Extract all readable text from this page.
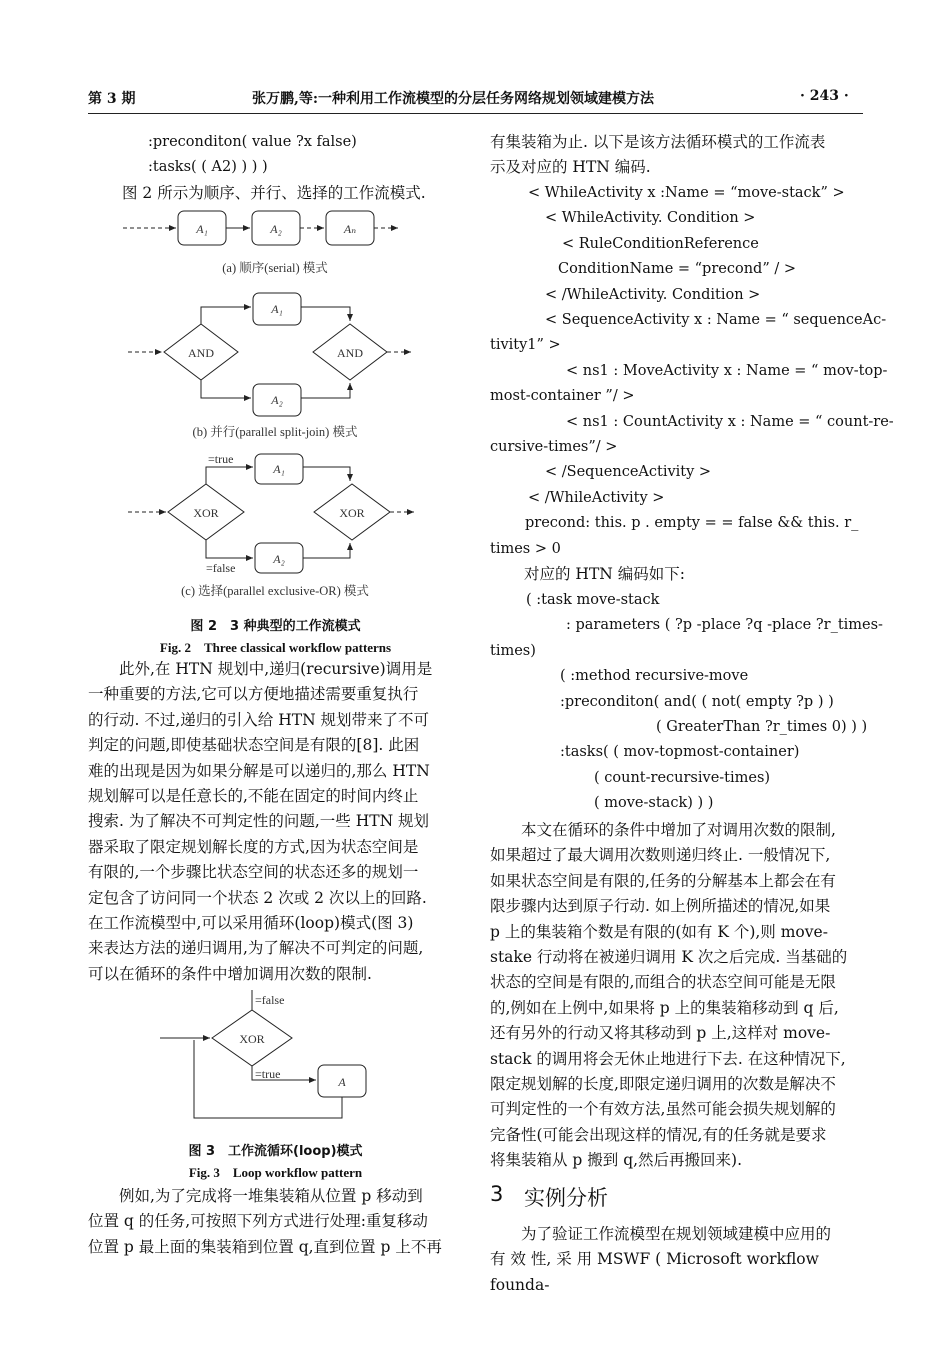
第 3 期	张万鹏,等:一种利用工作流模型的分层任务网络规划领域建模方法	· 243 ·

:preconditon( value ?x false)

:tasks( ( A2) ) ) )

图 2 所示为顺序、并行、选择的工作流模式.
A₁	A₂	Aₙ
(a) 顺序(serial) 模式
AND	AND
A₁
A₂
(b) 并行(parallel split-join) 模式
XOR	XOR
A₁
A₂
=true
=false
(c) 选择(parallel exclusive-OR) 模式
图 2　3 种典型的工作流模式
Fig. 2　Three classical workflow patterns

此外,在 HTN 规划中,递归(recursive)调用是

一种重要的方法,它可以方便地描述需要重复执行

的行动. 不过,递归的引入给 HTN 规划带来了不可

判定的问题,即使基础状态空间是有限的[8]. 此困

难的出现是因为如果分解是可以递归的,那么 HTN

规划解可以是任意长的,不能在固定的时间内终止

搜索. 为了解决不可判定性的问题,一些 HTN 规划

器采取了限定规划解长度的方式,因为状态空间是

有限的,一个步骤比状态空间的状态还多的规划一

定包含了访问同一个状态 2 次或 2 次以上的回路.

在工作流模型中,可以采用循环(loop)模式(图 3)

来表达方法的递归调用,为了解决不可判定的问题,

可以在循环的条件中增加调用次数的限制.

XOR
=false
=true
A
图 3　工作流循环(loop)模式
Fig. 3　Loop workflow pattern

例如,为了完成将一堆集装箱从位置 p 移动到

位置 q 的任务,可按照下列方式进行处理:重复移动

位置 p 最上面的集装箱到位置 q,直到位置 p 上不再

有集装箱为止. 以下是该方法循环模式的工作流表

示及对应的 HTN 编码.

< WhileActivity x :Name = “move-stack” >

< WhileActivity. Condition >

< RuleConditionReference

ConditionName = “precond” / >

< /WhileActivity. Condition >

< SequenceActivity x : Name = “ sequenceAc-

tivity1” >

< ns1 : MoveActivity x : Name = “ mov-top-

most-container ”/ >

< ns1 : CountActivity x : Name = “ count-re-

cursive-times”/ >

< /SequenceActivity >

< /WhileActivity >

precond: this. p . empty = = false && this. r_

times > 0

对应的 HTN 编码如下:

( :task move-stack

: parameters ( ?p -place ?q -place ?r_times-

times)

( :method recursive-move

:preconditon( and( ( not( empty ?p ) )

( GreaterThan ?r_times 0) ) )

:tasks( ( mov-topmost-container)

( count-recursive-times)

( move-stack) ) )

本文在循环的条件中增加了对调用次数的限制,

如果超过了最大调用次数则递归终止. 一般情况下,

如果状态空间是有限的,任务的分解基本上都会在有

限步骤内达到原子行动. 如上例所描述的情况,如果

p 上的集装箱个数是有限的(如有 K 个),则 move-

stake 行动将在被递归调用 K 次之后完成. 当基础的

状态的空间是有限的,而组合的状态空间可能是无限

的,例如在上例中,如果将 p 上的集装箱移动到 q 后,

还有另外的行动又将其移动到 p 上,这样对 move-

stack 的调用将会无休止地进行下去. 在这种情况下,

限定规划解的长度,即限定递归调用的次数是解决不

可判定性的一个有效方法,虽然可能会损失规划解的

完备性(可能会出现这样的情况,有的任务就是要求

将集装箱从 p 搬到 q,然后再搬回来).

3 实例分析

为了验证工作流模型在规划领域建模中应用的

有 效 性, 采 用 MSWF ( Microsoft workflow founda-
